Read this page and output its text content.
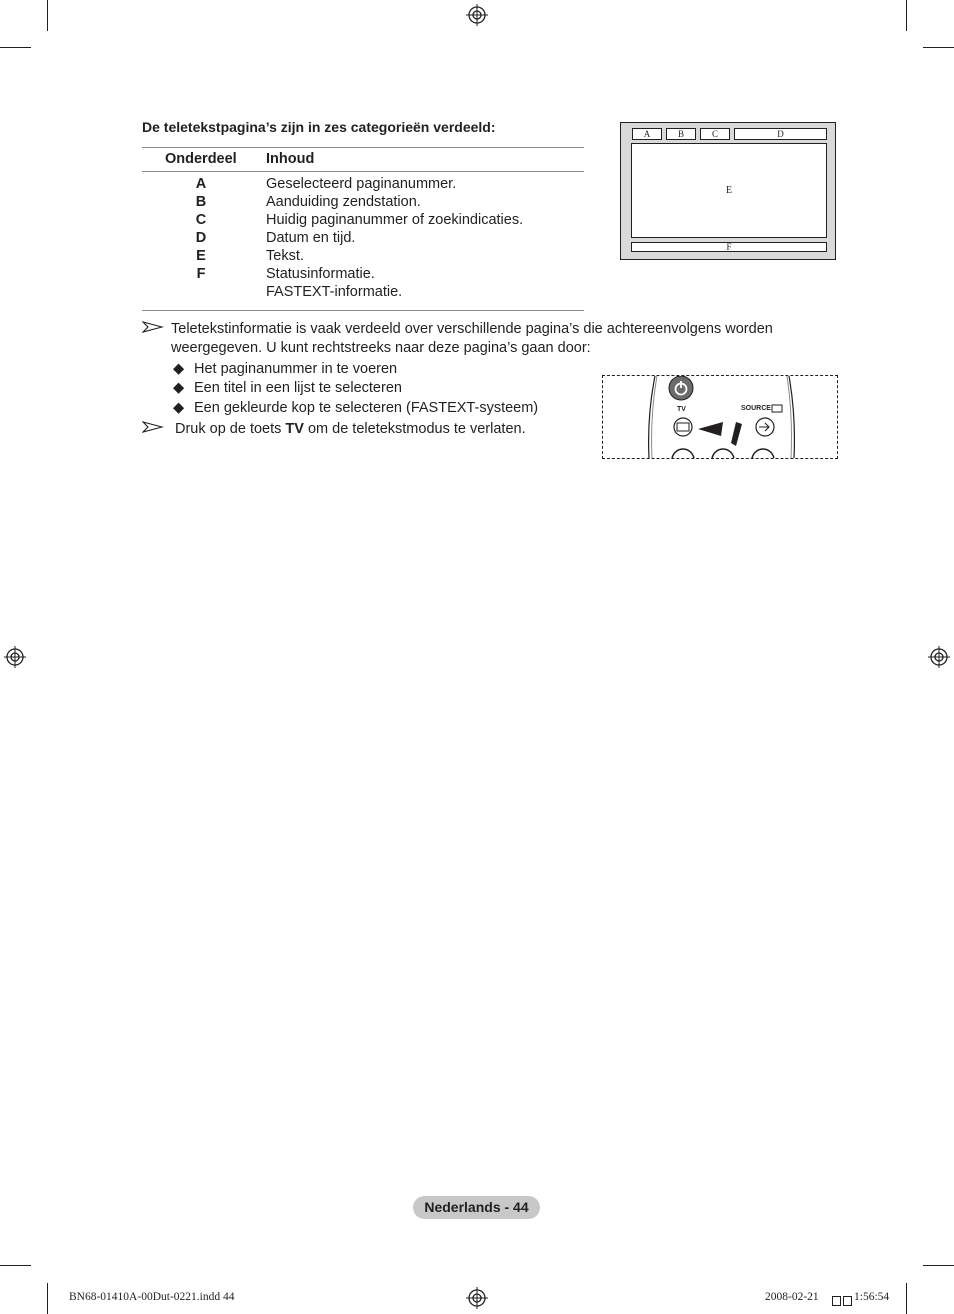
De teletekstpagina’s zijn in zes categorieën verdeeld:
Onderdeel Inhoud
A	Geselecteerd paginanummer.
B	Aanduiding zendstation.
C	Huidig paginanummer of zoekindicaties.
D	Datum en tijd.
E	Tekst.
F	Statusinformatie.
FASTEXT-informatie.
A	B	C	D
E
F
Teletekstinformatie is vaak verdeeld over verschillende pagina’s die achtereenvolgens worden
weergegeven. U kunt rechtstreeks naar deze pagina’s gaan door:
◆ Het paginanummer in te voeren
◆ Een titel in een lijst te selecteren
◆ Een gekleurde kop te selecteren (FASTEXT-systeem)
Druk op de toets TV om de teletekstmodus te verlaten.
TV	SOURCE
Nederlands - 44
BN68-01410A-00Dut-0221.indd 44	2008-02-21	1:56:54
